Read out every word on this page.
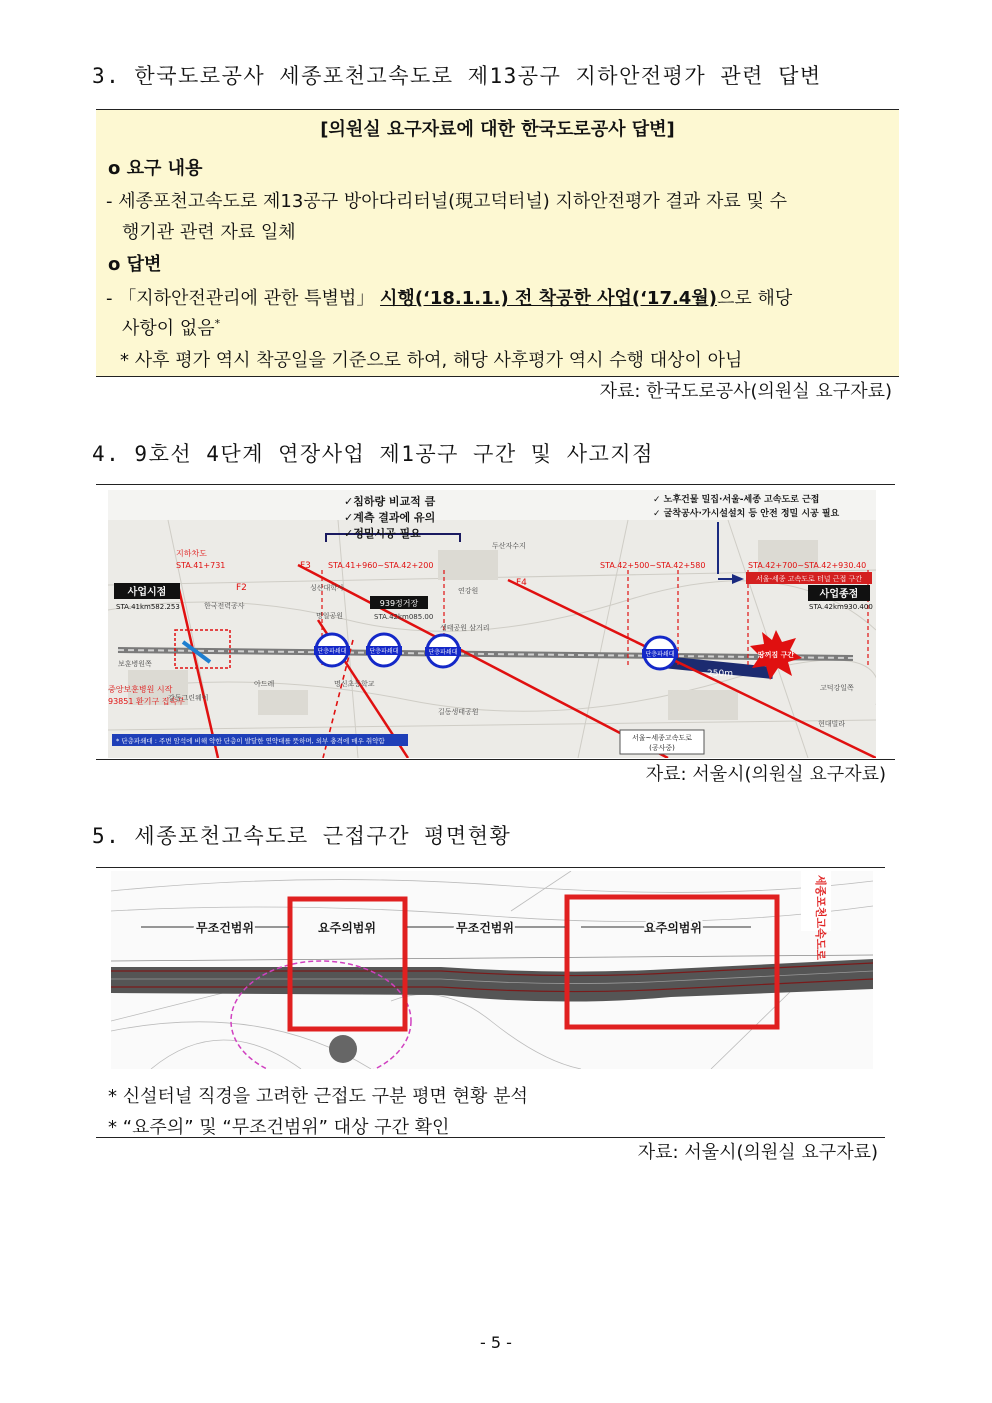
3. 한국도로공사 세종포천고속도로 제13공구 지하안전평가 관련 답변
[의원실 요구자료에 대한 한국도로공사 답변]
o 요구 내용
- 세종포천고속도로 제13공구 방아다리터널(現고덕터널) 지하안전평가 결과 자료 및 수
행기관 관련 자료 일체
o 답변
- 「지하안전관리에 관한 특별법」 시행(‘18.1.1.) 전 착공한 사업(‘17.4월)으로 해당
사항이 없음*
* 사후 평가 역시 착공일을 기준으로 하여, 해당 사후평가 역시 수행 대상이 아님
자료: 한국도로공사(의원실 요구자료)
4. 9호선 4단계 연장사업 제1공구 구간 및 사고지점
250m
STA.41+960~STA.42+200	STA.42+500~STA.42+580	STA.42+700~STA.42+930.40
지하차도
STA.41+731
F2
F3
F4
중앙보훈병원 시작
93851 환기구 집속부
✓침하량 비교적 큼
✓계측 결과에 유의
✓정밀시공 필요
✓ 노후건물 밀집·서울-세종 고속도로 근접
✓ 굴착공사·가시설설치 등 안전 정밀 시공 필요
서울-세종 고속도로 터널 근접 구간
사업시점
STA.41km582.253
사업종점
STA.42km930.400
939정거장
STA.42km085.00
단층파쇄대	단층파쇄대	단층파쇄대	단층파쇄대	땅꺼짐 구간
서울~세종고속도로
(공사중)
* 단층파쇄대 : 주변 암석에 비해 약한 단층이 발달한 연약대를 뜻하며, 외부 충격에 매우 취약함
한국전력공사
싱산대학사
명일공원
연강원
생태공원 삼거리
두산자수지
보훈병원쪽
강동그린웨이
아드레	명신초등학교
길동생태공원
고덕강일쪽
현대빌라
자료: 서울시(의원실 요구자료)
5. 세종포천고속도로 근접구간 평면현황
무조건범위	요주의범위	무조건범위	요주의범위	세종포천고속도로
* 신설터널 직경을 고려한 근접도 구분 평면 현황 분석
* “요주의” 및 “무조건범위” 대상 구간 확인
자료: 서울시(의원실 요구자료)
- 5 -
